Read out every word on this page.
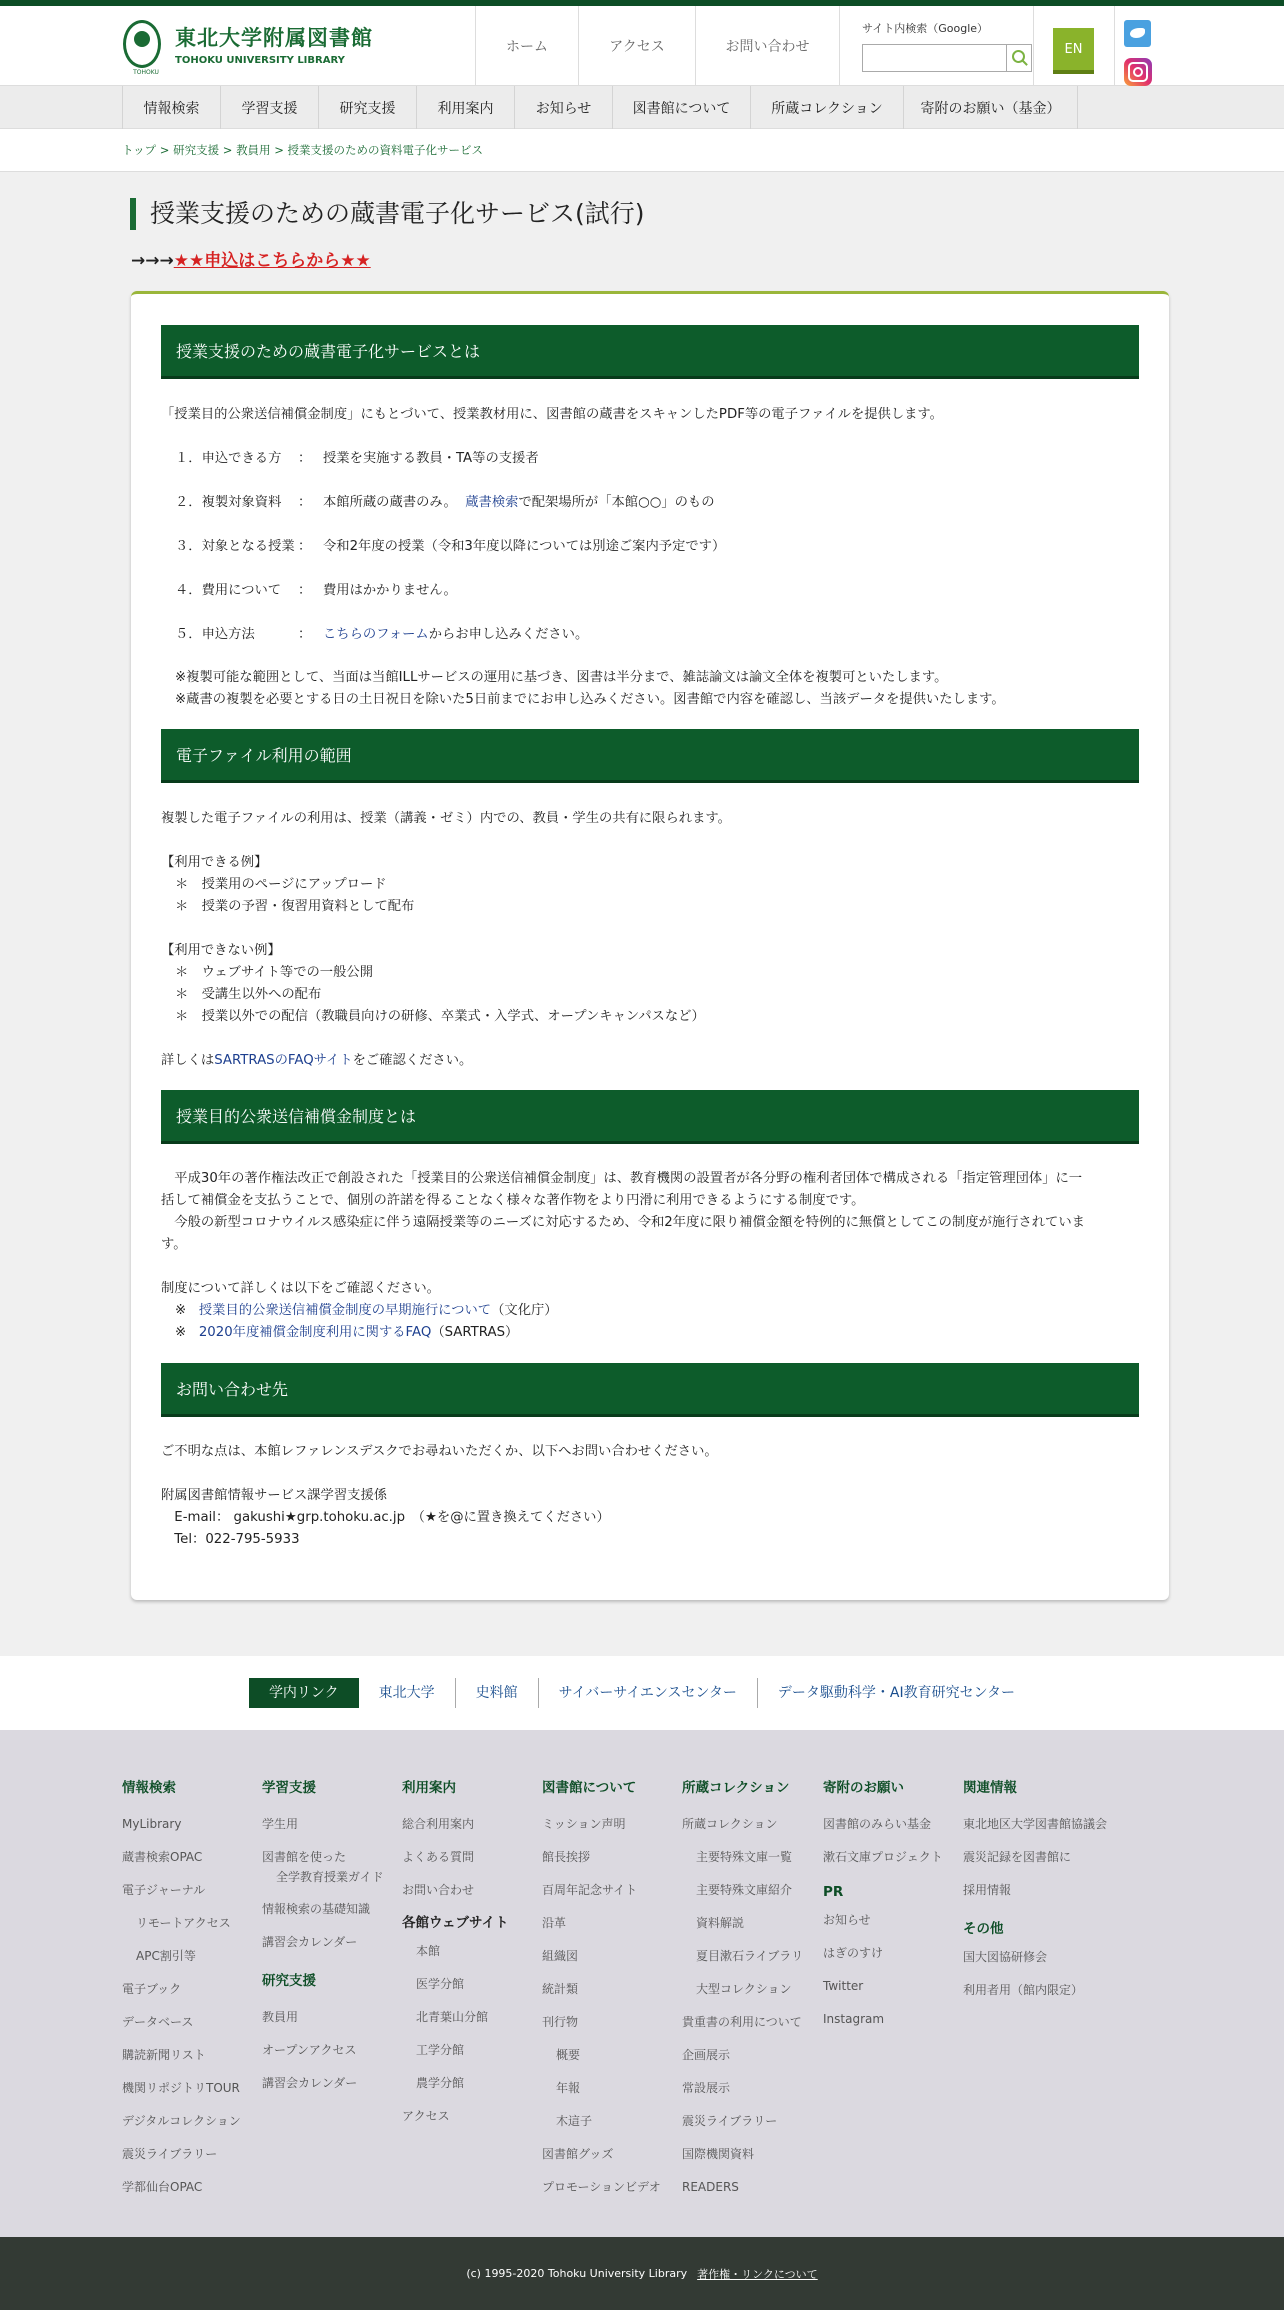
TOHOKU
東北大学附属図書館
TOHOKU UNIVERSITY LIBRARY
ホーム	アクセス	お問い合わせ
サイト内検索（Google）
EN
情報検索	学習支援	研究支援	利用案内	お知らせ	図書館について	所蔵コレクション	寄附のお願い（基金）
トップ > 研究支援 > 教員用 > 授業支援のための資料電子化サービス
授業支援のための蔵書電子化サービス(試行)
→→→★★申込はこちらから★★
授業支援のための蔵書電子化サービスとは
「授業目的公衆送信補償金制度」にもとづいて、授業教材用に、図書館の蔵書をスキャンしたPDF等の電子ファイルを提供します。
１．申込できる方 ： 授業を実施する教員・TA等の支援者
２．複製対象資料 ： 本館所蔵の蔵書のみ。 蔵書検索で配架場所が「本館○○」のもの
３．対象となる授業 ： 令和2年度の授業（令和3年度以降については別途ご案内予定です）
４．費用について ： 費用はかかりません。
５．申込方法	： こちらのフォームからお申し込みください。
※複製可能な範囲として、当面は当館ILLサービスの運用に基づき、図書は半分まで、雑誌論文は論文全体を複製可といたします。
※蔵書の複製を必要とする日の土日祝日を除いた5日前までにお申し込みください。図書館で内容を確認し、当該データを提供いたします。
電子ファイル利用の範囲
複製した電子ファイルの利用は、授業（講義・ゼミ）内での、教員・学生の共有に限られます。
【利用できる例】
＊　授業用のページにアップロード
＊　授業の予習・復習用資料として配布
【利用できない例】
＊　ウェブサイト等での一般公開
＊　受講生以外への配布
＊　授業以外での配信（教職員向けの研修、卒業式・入学式、オープンキャンパスなど）
詳しくはSARTRASのFAQサイトをご確認ください。
授業目的公衆送信補償金制度とは
　平成30年の著作権法改正で創設された「授業目的公衆送信補償金制度」は、教育機関の設置者が各分野の権利者団体で構成される「指定管理団体」に一
括して補償金を支払うことで、個別の許諾を得ることなく様々な著作物をより円滑に利用できるようにする制度です。
　今般の新型コロナウイルス感染症に伴う遠隔授業等のニーズに対応するため、令和2年度に限り補償金額を特例的に無償としてこの制度が施行されていま
す。
制度について詳しくは以下をご確認ください。
※ 授業目的公衆送信補償金制度の早期施行について（文化庁）
※ 2020年度補償金制度利用に関するFAQ（SARTRAS）
お問い合わせ先
ご不明な点は、本館レファレンスデスクでお尋ねいただくか、以下へお問い合わせください。
附属図書館情報サービス課学習支援係
　E-mail： gakushi★grp.tohoku.ac.jp　（★を@に置き換えてください）
　Tel：022-795-5933
学内リンク	東北大学	史料館	サイバーサイエンスセンター	データ駆動科学・AI教育研究センター
情報検索
MyLibrary
蔵書検索OPAC
電子ジャーナル
リモートアクセス
APC割引等
電子ブック
データベース
購読新聞リスト
機関リポジトリTOUR
デジタルコレクション
震災ライブラリー
学都仙台OPAC
学習支援
学生用
図書館を使った
全学教育授業ガイド
情報検索の基礎知識
講習会カレンダー
研究支援
教員用
オープンアクセス
講習会カレンダー
利用案内
総合利用案内
よくある質問
お問い合わせ
各館ウェブサイト
本館
医学分館
北青葉山分館
工学分館
農学分館
アクセス
図書館について
ミッション声明
館長挨拶
百周年記念サイト
沿革
組織図
統計類
刊行物
概要
年報
木這子
図書館グッズ
プロモーションビデオ
所蔵コレクション
所蔵コレクション
主要特殊文庫一覧
主要特殊文庫紹介
資料解説
夏目漱石ライブラリ
大型コレクション
貴重書の利用について
企画展示
常設展示
震災ライブラリー
国際機関資料
READERS
寄附のお願い
図書館のみらい基金
漱石文庫プロジェクト
PR
お知らせ
はぎのすけ
Twitter
Instagram
関連情報
東北地区大学図書館協議会
震災記録を図書館に
採用情報
その他
国大図協研修会
利用者用（館内限定）
(c) 1995-2020 Tohoku University Library 著作権・リンクについて
